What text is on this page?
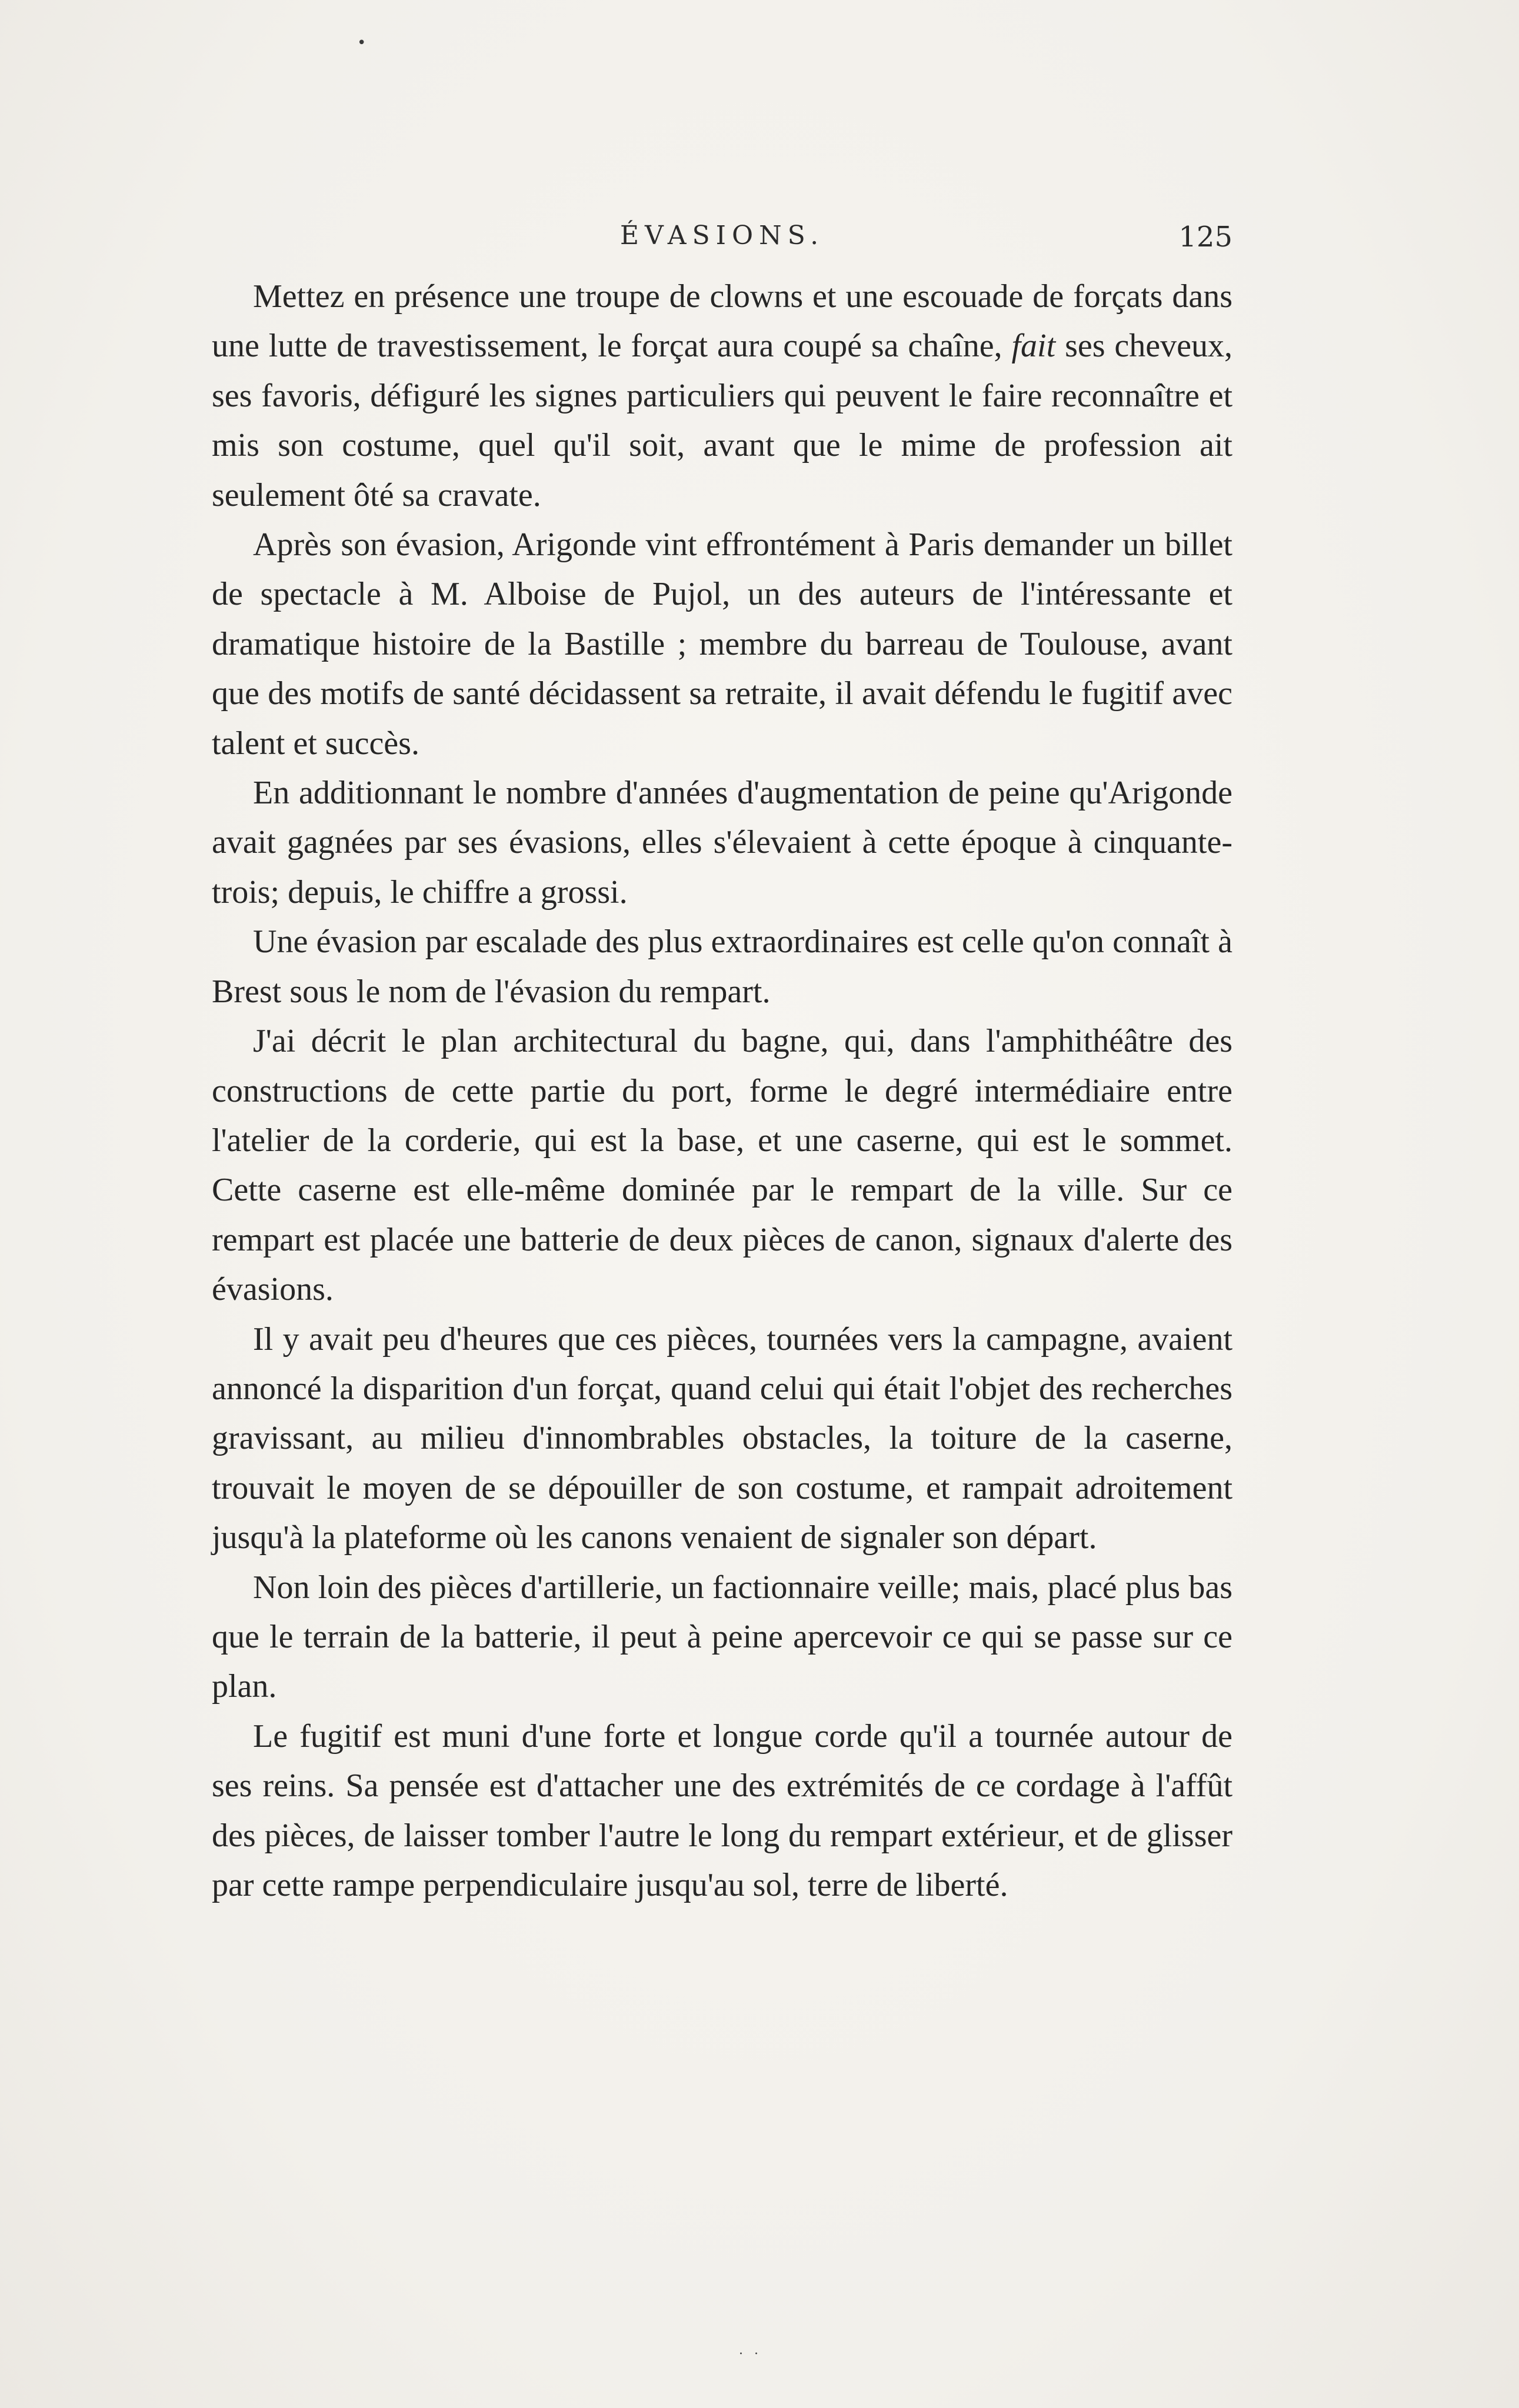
ÉVASIONS.	125

Mettez en présence une troupe de clowns et une escouade de forçats dans une lutte de travestissement, le forçat aura coupé sa chaîne, fait ses cheveux, ses favoris, défiguré les signes particuliers qui peuvent le faire reconnaître et mis son costume, quel qu'il soit, avant que le mime de profession ait seulement ôté sa cravate.

Après son évasion, Arigonde vint effrontément à Paris demander un billet de spectacle à M. Alboise de Pujol, un des auteurs de l'intéressante et dramatique histoire de la Bastille ; membre du barreau de Toulouse, avant que des motifs de santé décidassent sa retraite, il avait défendu le fugitif avec talent et succès.

En additionnant le nombre d'années d'augmentation de peine qu'Arigonde avait gagnées par ses évasions, elles s'élevaient à cette époque à cinquante-trois; depuis, le chiffre a grossi.

Une évasion par escalade des plus extraordinaires est celle qu'on connaît à Brest sous le nom de l'évasion du rempart.

J'ai décrit le plan architectural du bagne, qui, dans l'amphithéâtre des constructions de cette partie du port, forme le degré intermédiaire entre l'atelier de la corderie, qui est la base, et une caserne, qui est le sommet. Cette caserne est elle-même dominée par le rempart de la ville. Sur ce rempart est placée une batterie de deux pièces de canon, signaux d'alerte des évasions.

Il y avait peu d'heures que ces pièces, tournées vers la campagne, avaient annoncé la disparition d'un forçat, quand celui qui était l'objet des recherches gravissant, au milieu d'innombrables obstacles, la toiture de la caserne, trouvait le moyen de se dépouiller de son costume, et rampait adroitement jusqu'à la plateforme où les canons venaient de signaler son départ.

Non loin des pièces d'artillerie, un factionnaire veille; mais, placé plus bas que le terrain de la batterie, il peut à peine apercevoir ce qui se passe sur ce plan.

Le fugitif est muni d'une forte et longue corde qu'il a tournée autour de ses reins. Sa pensée est d'attacher une des extrémités de ce cordage à l'affût des pièces, de laisser tomber l'autre le long du rempart extérieur, et de glisser par cette rampe perpendiculaire jusqu'au sol, terre de liberté.

•
· ·
